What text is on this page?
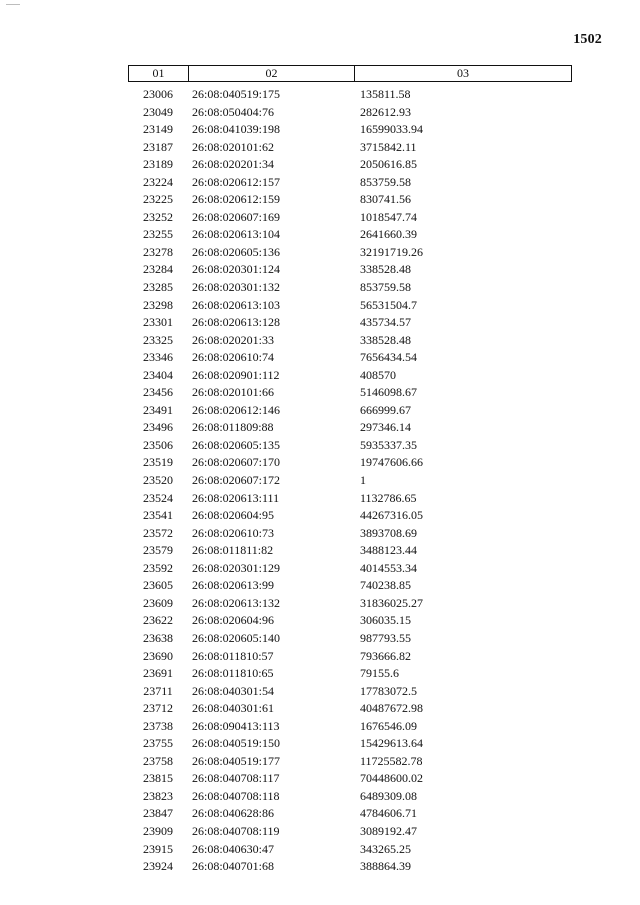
1502
01	02	03
23006	26:08:040519:175	135811.58
23049	26:08:050404:76	282612.93
23149	26:08:041039:198	16599033.94
23187	26:08:020101:62	3715842.11
23189	26:08:020201:34	2050616.85
23224	26:08:020612:157	853759.58
23225	26:08:020612:159	830741.56
23252	26:08:020607:169	1018547.74
23255	26:08:020613:104	2641660.39
23278	26:08:020605:136	32191719.26
23284	26:08:020301:124	338528.48
23285	26:08:020301:132	853759.58
23298	26:08:020613:103	56531504.7
23301	26:08:020613:128	435734.57
23325	26:08:020201:33	338528.48
23346	26:08:020610:74	7656434.54
23404	26:08:020901:112	408570
23456	26:08:020101:66	5146098.67
23491	26:08:020612:146	666999.67
23496	26:08:011809:88	297346.14
23506	26:08:020605:135	5935337.35
23519	26:08:020607:170	19747606.66
23520	26:08:020607:172	1
23524	26:08:020613:111	1132786.65
23541	26:08:020604:95	44267316.05
23572	26:08:020610:73	3893708.69
23579	26:08:011811:82	3488123.44
23592	26:08:020301:129	4014553.34
23605	26:08:020613:99	740238.85
23609	26:08:020613:132	31836025.27
23622	26:08:020604:96	306035.15
23638	26:08:020605:140	987793.55
23690	26:08:011810:57	793666.82
23691	26:08:011810:65	79155.6
23711	26:08:040301:54	17783072.5
23712	26:08:040301:61	40487672.98
23738	26:08:090413:113	1676546.09
23755	26:08:040519:150	15429613.64
23758	26:08:040519:177	11725582.78
23815	26:08:040708:117	70448600.02
23823	26:08:040708:118	6489309.08
23847	26:08:040628:86	4784606.71
23909	26:08:040708:119	3089192.47
23915	26:08:040630:47	343265.25
23924	26:08:040701:68	388864.39
